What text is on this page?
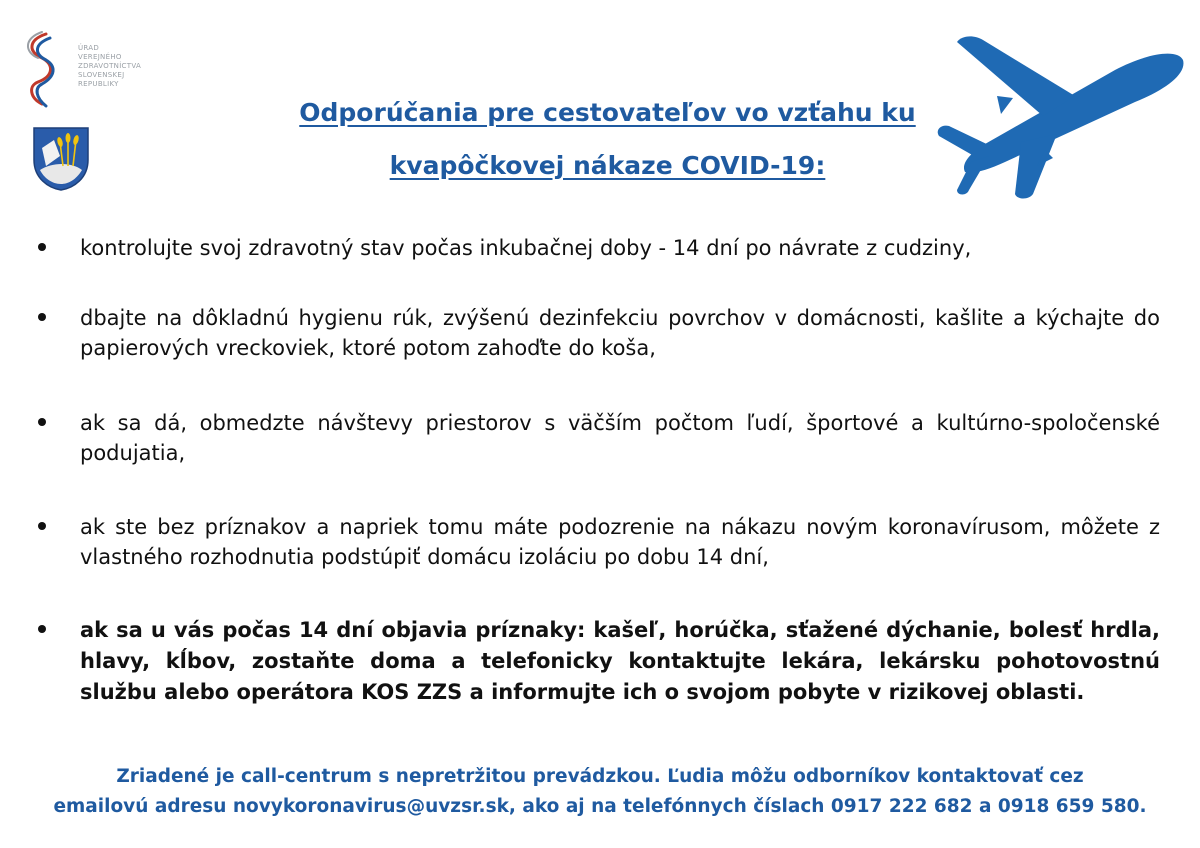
ÚRAD
VEREJNÉHO
ZDRAVOTNÍCTVA
SLOVENSKEJ
REPUBLIKY
Odporúčania pre cestovateľov vo vzťahu ku
kvapôčkovej nákaze COVID-19:

kontrolujte svoj zdravotný stav počas inkubačnej doby - 14 dní po návrate z cudziny,

dbajte na dôkladnú hygienu rúk, zvýšenú dezinfekciu povrchov v domácnosti, kašlite a kýchajte do papierových vreckoviek, ktoré potom zahoďte do koša,

ak sa dá, obmedzte návštevy priestorov s väčším počtom ľudí, športové a kultúrno-spoločenské podujatia,

ak ste bez príznakov a napriek tomu máte podozrenie na nákazu novým koronavírusom, môžete z vlastného rozhodnutia podstúpiť domácu izoláciu po dobu 14 dní,

ak sa u vás počas 14 dní objavia príznaky: kašeľ, horúčka, sťažené dýchanie, bolesť hrdla, hlavy, kĺbov, zostaňte doma a telefonicky kontaktujte lekára, lekársku pohotovostnú službu alebo operátora KOS ZZS a informujte ich o svojom pobyte v rizikovej oblasti.

Zriadené je call-centrum s nepretržitou prevádzkou. Ľudia môžu odborníkov kontaktovať cez
emailovú adresu novykoronavirus@uvzsr.sk, ako aj na telefónnych číslach 0917 222 682 a 0918 659 580.
